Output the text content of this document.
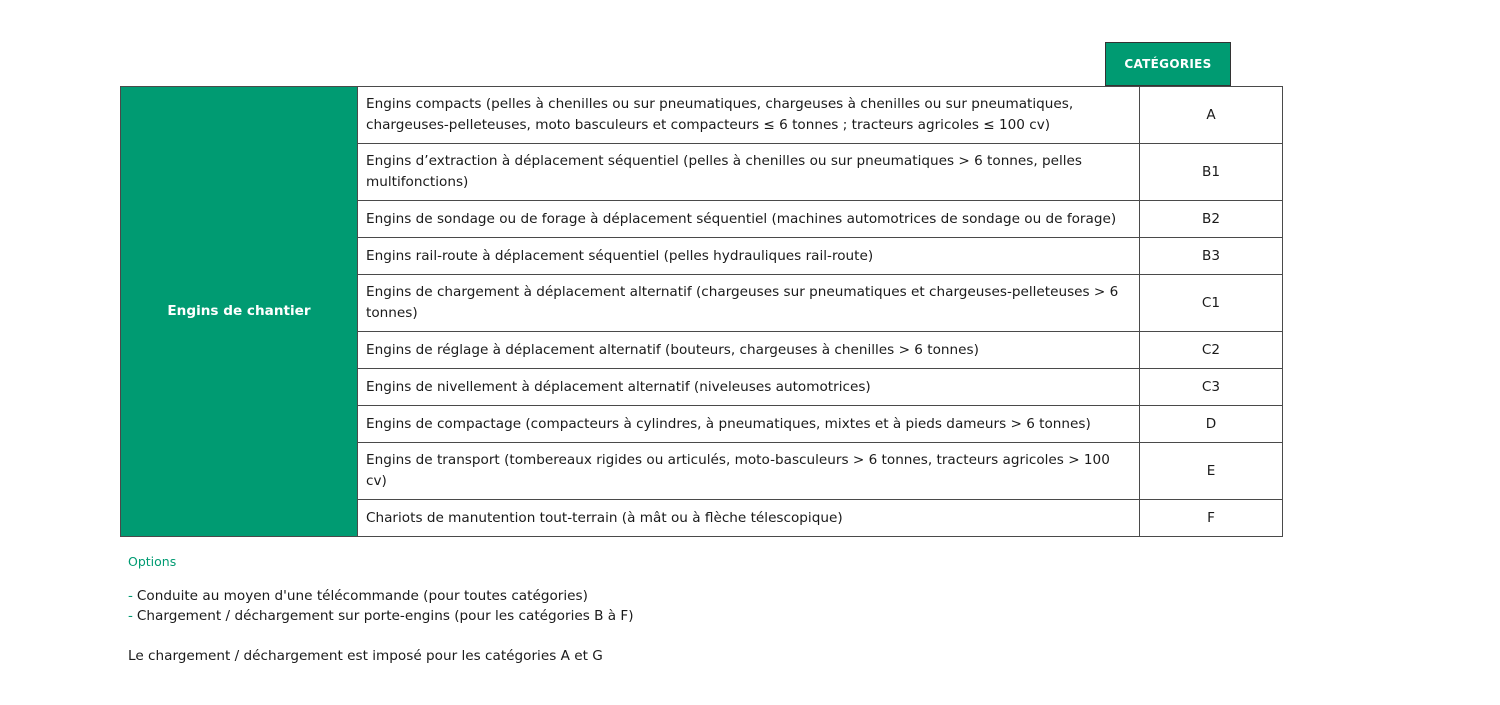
CATÉGORIES
Engins de chantier	Engins compacts (pelles à chenilles ou sur pneumatiques, chargeuses à chenilles ou sur pneumatiques, chargeuses-pelleteuses, moto basculeurs et compacteurs ≤ 6 tonnes ; tracteurs agricoles ≤ 100 cv)	A
	Engins d’extraction à déplacement séquentiel (pelles à chenilles ou sur pneumatiques > 6 tonnes, pelles multifonctions)	B1
	Engins de sondage ou de forage à déplacement séquentiel (machines automotrices de sondage ou de forage)	B2
	Engins rail-route à déplacement séquentiel (pelles hydrauliques rail-route)	B3
	Engins de chargement à déplacement alternatif (chargeuses sur pneumatiques et chargeuses-pelleteuses > 6 tonnes)	C1
	Engins de réglage à déplacement alternatif (bouteurs, chargeuses à chenilles > 6 tonnes)	C2
	Engins de nivellement à déplacement alternatif (niveleuses automotrices)	C3
	Engins de compactage (compacteurs à cylindres, à pneumatiques, mixtes et à pieds dameurs > 6 tonnes)	D
	Engins de transport (tombereaux rigides ou articulés, moto-basculeurs > 6 tonnes, tracteurs agricoles > 100 cv)	E
	Chariots de manutention tout-terrain (à mât ou à flèche télescopique)	F
Options
- Conduite au moyen d'une télécommande (pour toutes catégories)
- Chargement / déchargement sur porte-engins (pour les catégories B à F)
Le chargement / déchargement est imposé pour les catégories A et G
